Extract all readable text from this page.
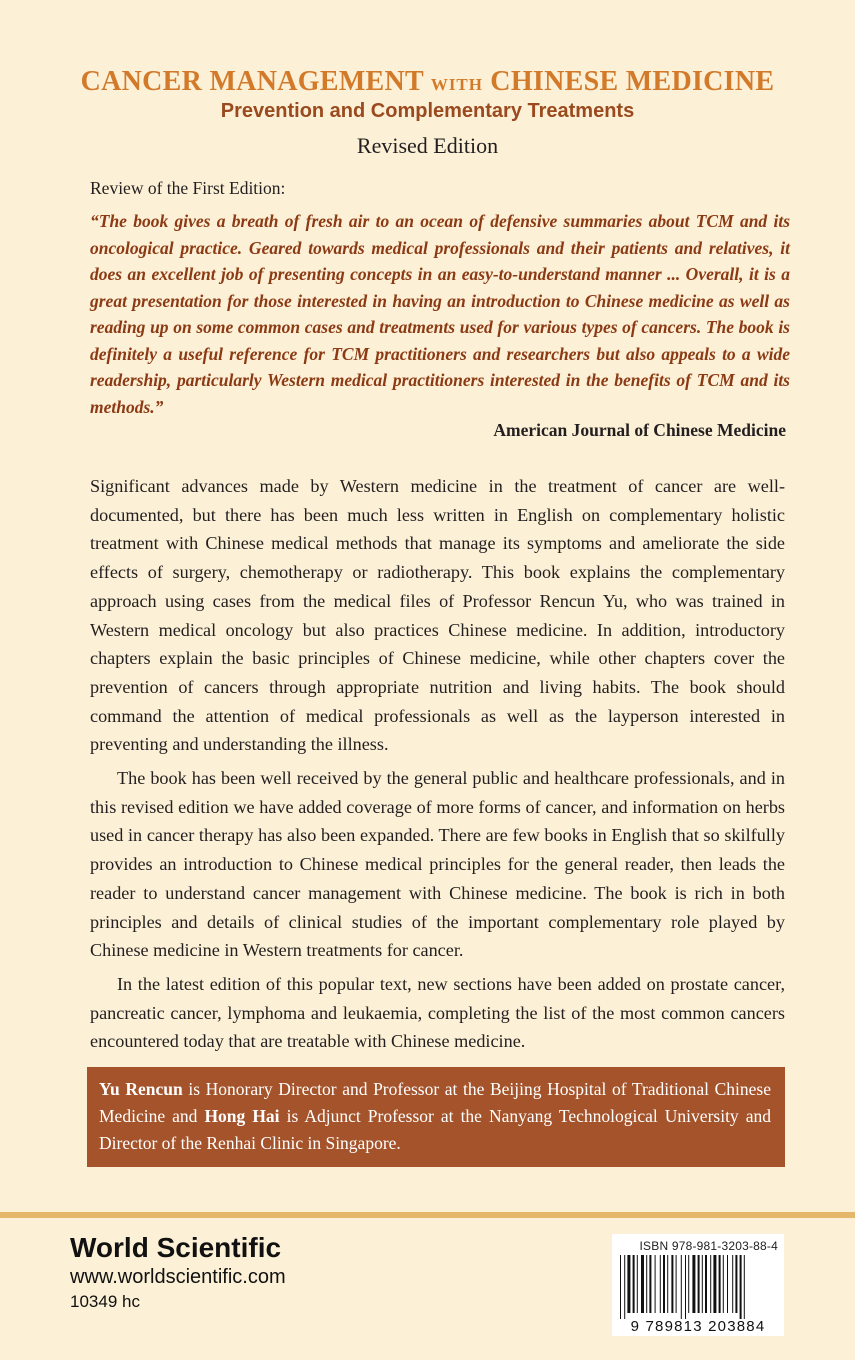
CANCER MANAGEMENT WITH CHINESE MEDICINE
Prevention and Complementary Treatments
Revised Edition
Review of the First Edition:
“The book gives a breath of fresh air to an ocean of defensive summaries about TCM and its oncological practice. Geared towards medical professionals and their patients and relatives, it does an excellent job of presenting concepts in an easy-to-understand manner ... Overall, it is a great presentation for those interested in having an introduction to Chinese medicine as well as reading up on some common cases and treatments used for various types of cancers. The book is definitely a useful reference for TCM practitioners and researchers but also appeals to a wide readership, particularly Western medical practitioners interested in the benefits of TCM and its methods.”
American Journal of Chinese Medicine

Significant advances made by Western medicine in the treatment of cancer are well-documented, but there has been much less written in English on complementary holistic treatment with Chinese medical methods that manage its symptoms and ameliorate the side effects of surgery, chemotherapy or radiotherapy. This book explains the complementary approach using cases from the medical files of Professor Rencun Yu, who was trained in Western medical oncology but also practices Chinese medicine. In addition, introductory chapters explain the basic principles of Chinese medicine, while other chapters cover the prevention of cancers through appropriate nutrition and living habits. The book should command the attention of medical professionals as well as the layperson interested in preventing and understanding the illness.

The book has been well received by the general public and healthcare professionals, and in this revised edition we have added coverage of more forms of cancer, and information on herbs used in cancer therapy has also been expanded. There are few books in English that so skilfully provides an introduction to Chinese medical principles for the general reader, then leads the reader to understand cancer management with Chinese medicine. The book is rich in both principles and details of clinical studies of the important complementary role played by Chinese medicine in Western treatments for cancer.

In the latest edition of this popular text, new sections have been added on prostate cancer, pancreatic cancer, lymphoma and leukaemia, completing the list of the most common cancers encountered today that are treatable with Chinese medicine.

Yu Rencun is Honorary Director and Professor at the Beijing Hospital of Traditional Chinese Medicine and Hong Hai is Adjunct Professor at the Nanyang Technological University and Director of the Renhai Clinic in Singapore.
World Scientific
www.worldscientific.com
10349 hc
ISBN 978-981-3203-88-4
9 789813 203884
